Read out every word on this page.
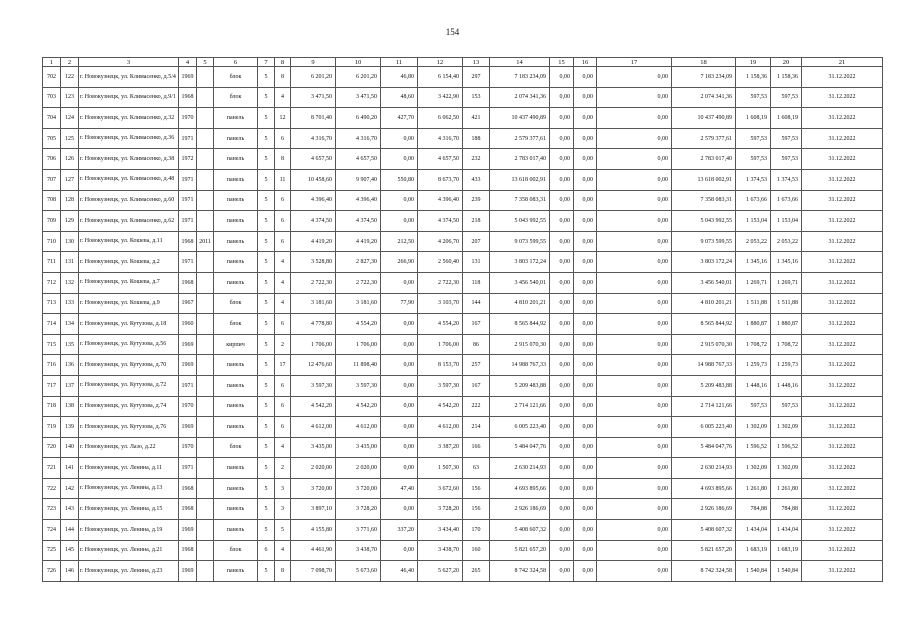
154
1	2	3	4	5	6	7	8	9	10	11	12	13	14	15	16	17	18	19	20	21
702	122	г. Новокузнецк, ул. Климасенко, д.5/4	1969		блок	5	8	6 201,20	6 201,20	46,80	6 154,40	297	7 183 234,09	0,00	0,00	0,00	7 183 234,09	1 158,36	1 158,36	31.12.2022
703	123	г. Новокузнецк, ул. Климасенко, д.9/1	1968		блок	5	4	3 471,50	3 471,50	48,60	3 422,90	153	2 074 341,36	0,00	0,00	0,00	2 074 341,36	597,53	597,53	31.12.2022
704	124	г. Новокузнецк, ул. Климасенко, д.32	1970		панель	5	12	8 701,40	6 490,20	427,70	6 062,50	421	10 437 490,89	0,00	0,00	0,00	10 437 490,89	1 608,19	1 608,19	31.12.2022
705	125	г. Новокузнецк, ул. Климасенко, д.36	1971		панель	5	6	4 316,70	4 316,70	0,00	4 316,70	188	2 579 377,61	0,00	0,00	0,00	2 579 377,61	597,53	597,53	31.12.2022
706	126	г. Новокузнецк, ул. Климасенко, д.38	1972		панель	5	8	4 657,50	4 657,50	0,00	4 657,50	232	2 783 017,40	0,00	0,00	0,00	2 783 017,40	597,53	597,53	31.12.2022
707	127	г. Новокузнецк, ул. Климасенко, д.48	1971		панель	5	11	10 458,60	9 907,40	550,80	8 673,70	433	13 618 002,91	0,00	0,00	0,00	13 618 002,91	1 374,53	1 374,53	31.12.2022
708	128	г. Новокузнецк, ул. Климасенко, д.60	1971		панель	5	6	4 396,40	4 396,40	0,00	4 396,40	239	7 358 083,31	0,00	0,00	0,00	7 358 083,31	1 673,66	1 673,66	31.12.2022
709	129	г. Новокузнецк, ул. Климасенко, д.62	1971		панель	5	6	4 374,50	4 374,50	0,00	4 374,50	218	5 043 992,55	0,00	0,00	0,00	5 043 992,55	1 153,04	1 153,04	31.12.2022
710	130	г. Новокузнецк, ул. Кошева, д.11	1968	2011	панель	5	6	4 419,20	4 419,20	212,50	4 206,70	207	9 073 599,55	0,00	0,00	0,00	9 073 599,55	2 053,22	2 053,22	31.12.2022
711	131	г. Новокузнецк, ул. Кошева, д.2	1971		панель	5	4	3 528,80	2 827,30	266,90	2 560,40	131	3 803 172,24	0,00	0,00	0,00	3 803 172,24	1 345,16	1 345,16	31.12.2022
712	132	г. Новокузнецк, ул. Кошева, д.7	1968		панель	5	4	2 722,30	2 722,30	0,00	2 722,30	118	3 456 540,01	0,00	0,00	0,00	3 456 540,01	1 269,71	1 269,71	31.12.2022
713	133	г. Новокузнецк, ул. Кошева, д.9	1967		блок	5	4	3 181,60	3 181,60	77,90	3 103,70	144	4 810 201,21	0,00	0,00	0,00	4 810 201,21	1 511,88	1 511,88	31.12.2022
714	134	г. Новокузнецк, ул. Кутузова, д.18	1960		блок	5	6	4 778,80	4 554,20	0,00	4 554,20	167	8 565 844,92	0,00	0,00	0,00	8 565 844,92	1 880,87	1 880,87	31.12.2022
715	135	г. Новокузнецк, ул. Кутузова, д.56	1969		кирпич	5	2	1 706,00	1 706,00	0,00	1 706,00	86	2 915 070,30	0,00	0,00	0,00	2 915 070,30	1 708,72	1 708,72	31.12.2022
716	136	г. Новокузнецк, ул. Кутузова, д.70	1969		панель	5	17	12 476,60	11 898,40	0,00	8 153,70	257	14 988 767,33	0,00	0,00	0,00	14 988 767,33	1 259,73	1 259,73	31.12.2022
717	137	г. Новокузнецк, ул. Кутузова, д.72	1971		панель	5	6	3 597,30	3 597,30	0,00	3 597,30	167	5 209 483,88	0,00	0,00	0,00	5 209 483,88	1 448,16	1 448,16	31.12.2022
718	138	г. Новокузнецк, ул. Кутузова, д.74	1970		панель	5	6	4 542,20	4 542,20	0,00	4 542,20	222	2 714 121,66	0,00	0,00	0,00	2 714 121,66	597,53	597,53	31.12.2022
719	139	г. Новокузнецк, ул. Кутузова, д.76	1969		панель	5	6	4 612,00	4 612,00	0,00	4 612,00	214	6 005 223,40	0,00	0,00	0,00	6 005 223,40	1 302,09	1 302,09	31.12.2022
720	140	г. Новокузнецк, ул. Лазо, д.22	1970		блок	5	4	3 435,00	3 435,00	0,00	3 387,20	166	5 484 047,76	0,00	0,00	0,00	5 484 047,76	1 596,52	1 596,52	31.12.2022
721	141	г. Новокузнецк, ул. Ленина, д.11	1971		панель	5	2	2 020,00	2 020,00	0,00	1 507,30	63	2 630 214,93	0,00	0,00	0,00	2 630 214,93	1 302,09	1 302,09	31.12.2022
722	142	г. Новокузнецк, ул. Ленина, д.13	1968		панель	5	3	3 720,00	3 720,00	47,40	3 672,60	156	4 693 895,66	0,00	0,00	0,00	4 693 895,66	1 261,80	1 261,80	31.12.2022
723	143	г. Новокузнецк, ул. Ленина, д.15	1968		панель	5	3	3 897,10	3 728,20	0,00	3 728,20	156	2 926 186,69	0,00	0,00	0,00	2 926 186,69	784,88	784,88	31.12.2022
724	144	г. Новокузнецк, ул. Ленина, д.19	1969		панель	5	5	4 155,80	3 771,60	337,20	3 434,40	170	5 408 607,32	0,00	0,00	0,00	5 408 607,32	1 434,04	1 434,04	31.12.2022
725	145	г. Новокузнецк, ул. Ленина, д.21	1968		блок	6	4	4 461,90	3 438,70	0,00	3 438,70	160	5 821 657,20	0,00	0,00	0,00	5 821 657,20	1 683,19	1 683,19	31.12.2022
726	146	г. Новокузнецк, ул. Ленина, д.23	1969		панель	5	8	7 098,70	5 673,60	46,40	5 627,20	265	8 742 324,58	0,00	0,00	0,00	8 742 324,58	1 540,84	1 540,84	31.12.2022
